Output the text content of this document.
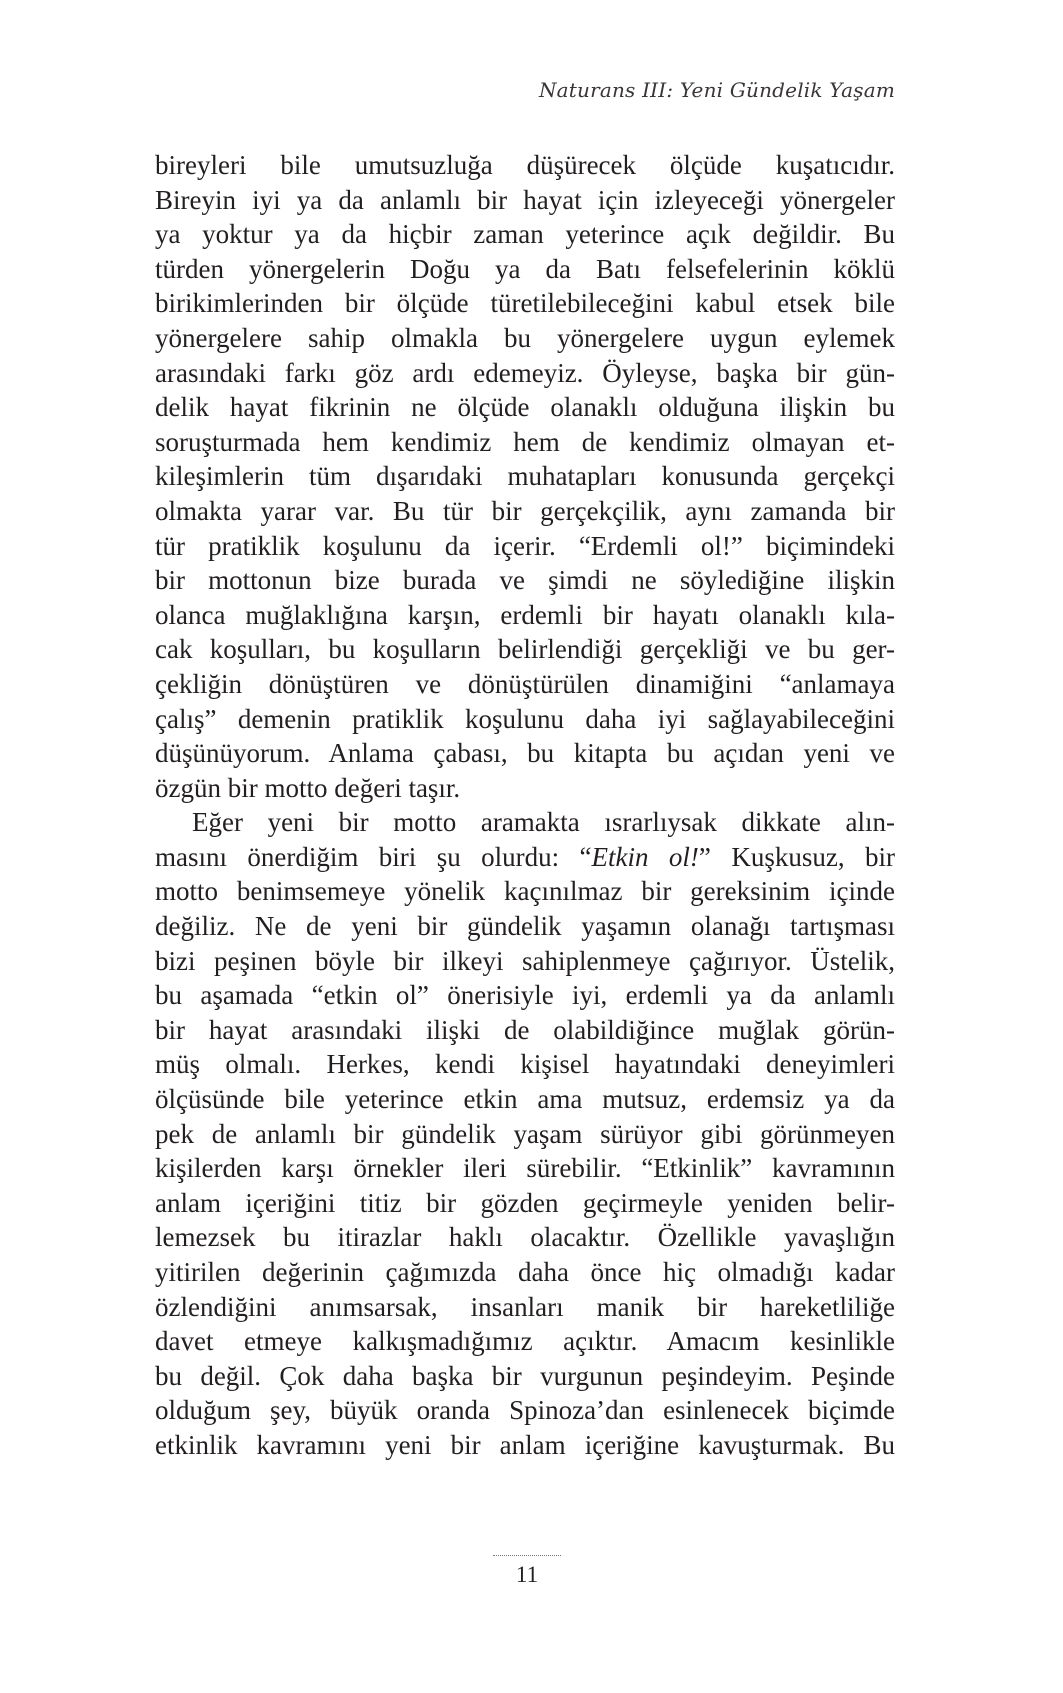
Naturans III: Yeni Gündelik Yaşam
bireyleri bile umutsuzluğa düşürecek ölçüde kuşatıcıdır.
Bireyin iyi ya da anlamlı bir hayat için izleyeceği yönergeler
ya yoktur ya da hiçbir zaman yeterince açık değildir. Bu
türden yönergelerin Doğu ya da Batı felsefelerinin köklü
birikimlerinden bir ölçüde türetilebileceğini kabul etsek bile
yönergelere sahip olmakla bu yönergelere uygun eylemek
arasındaki farkı göz ardı edemeyiz. Öyleyse, başka bir gün-
delik hayat fikrinin ne ölçüde olanaklı olduğuna ilişkin bu
soruşturmada hem kendimiz hem de kendimiz olmayan et-
kileşimlerin tüm dışarıdaki muhatapları konusunda gerçekçi
olmakta yarar var. Bu tür bir gerçekçilik, aynı zamanda bir
tür pratiklik koşulunu da içerir. “Erdemli ol!” biçimindeki
bir mottonun bize burada ve şimdi ne söylediğine ilişkin
olanca muğlaklığına karşın, erdemli bir hayatı olanaklı kıla-
cak koşulları, bu koşulların belirlendiği gerçekliği ve bu ger-
çekliğin dönüştüren ve dönüştürülen dinamiğini “anlamaya
çalış” demenin pratiklik koşulunu daha iyi sağlayabileceğini
düşünüyorum. Anlama çabası, bu kitapta bu açıdan yeni ve
özgün bir motto değeri taşır.
Eğer yeni bir motto aramakta ısrarlıysak dikkate alın-
masını önerdiğim biri şu olurdu: “Etkin ol!” Kuşkusuz, bir
motto benimsemeye yönelik kaçınılmaz bir gereksinim içinde
değiliz. Ne de yeni bir gündelik yaşamın olanağı tartışması
bizi peşinen böyle bir ilkeyi sahiplenmeye çağırıyor. Üstelik,
bu aşamada “etkin ol” önerisiyle iyi, erdemli ya da anlamlı
bir hayat arasındaki ilişki de olabildiğince muğlak görün-
müş olmalı. Herkes, kendi kişisel hayatındaki deneyimleri
ölçüsünde bile yeterince etkin ama mutsuz, erdemsiz ya da
pek de anlamlı bir gündelik yaşam sürüyor gibi görünmeyen
kişilerden karşı örnekler ileri sürebilir. “Etkinlik” kavramının
anlam içeriğini titiz bir gözden geçirmeyle yeniden belir-
lemezsek bu itirazlar haklı olacaktır. Özellikle yavaşlığın
yitirilen değerinin çağımızda daha önce hiç olmadığı kadar
özlendiğini anımsarsak, insanları manik bir hareketliliğe
davet etmeye kalkışmadığımız açıktır. Amacım kesinlikle
bu değil. Çok daha başka bir vurgunun peşindeyim. Peşinde
olduğum şey, büyük oranda Spinoza’dan esinlenecek biçimde
etkinlik kavramını yeni bir anlam içeriğine kavuşturmak. Bu
11
